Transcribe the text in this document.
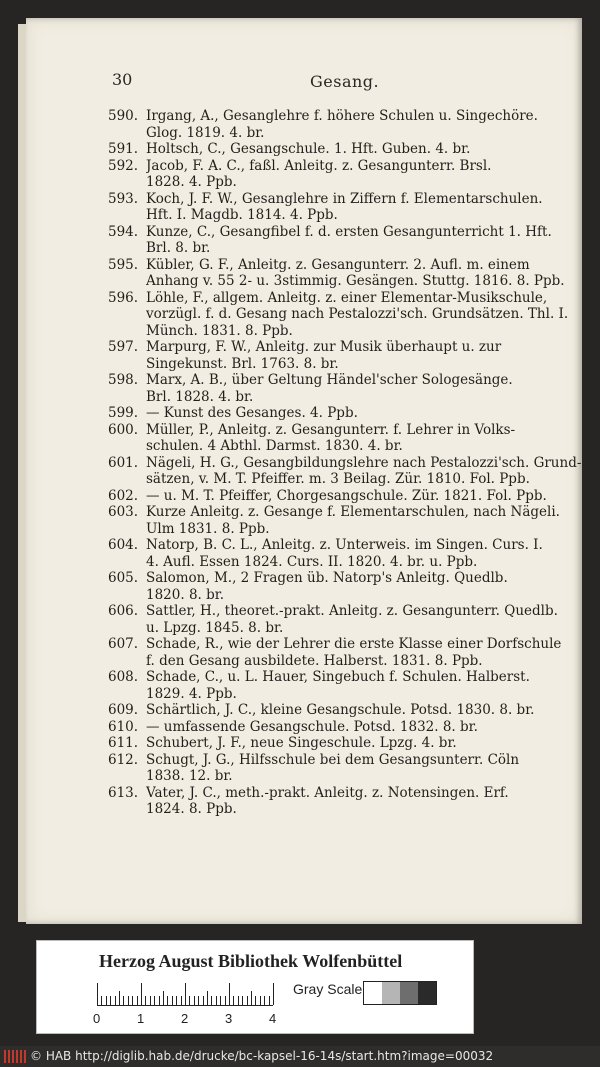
30	Gesang.
590. Irgang, A., Gesanglehre f. höhere Schulen u. Singechöre.
Glog. 1819. 4. br.
591. Holtsch, C., Gesangschule. 1. Hft. Guben. 4. br.
592. Jacob, F. A. C., faßl. Anleitg. z. Gesangunterr. Brsl.
1828. 4. Ppb.
593. Koch, J. F. W., Gesanglehre in Ziffern f. Elementarschulen.
Hft. I. Magdb. 1814. 4. Ppb.
594. Kunze, C., Gesangfibel f. d. ersten Gesangunterricht 1. Hft.
Brl. 8. br.
595. Kübler, G. F., Anleitg. z. Gesangunterr. 2. Aufl. m. einem
Anhang v. 55 2- u. 3stimmig. Gesängen. Stuttg. 1816. 8. Ppb.
596. Löhle, F., allgem. Anleitg. z. einer Elementar-Musikschule,
vorzügl. f. d. Gesang nach Pestalozzi'sch. Grundsätzen. Thl. I.
Münch. 1831. 8. Ppb.
597. Marpurg, F. W., Anleitg. zur Musik überhaupt u. zur
Singekunst. Brl. 1763. 8. br.
598. Marx, A. B., über Geltung Händel'scher Sologesänge.
Brl. 1828. 4. br.
599. — Kunst des Gesanges. 4. Ppb.
600. Müller, P., Anleitg. z. Gesangunterr. f. Lehrer in Volks-
schulen. 4 Abthl. Darmst. 1830. 4. br.
601. Nägeli, H. G., Gesangbildungslehre nach Pestalozzi'sch. Grund-
sätzen, v. M. T. Pfeiffer. m. 3 Beilag. Zür. 1810. Fol. Ppb.
602. — u. M. T. Pfeiffer, Chorgesangschule. Zür. 1821. Fol. Ppb.
603. Kurze Anleitg. z. Gesange f. Elementarschulen, nach Nägeli.
Ulm 1831. 8. Ppb.
604. Natorp, B. C. L., Anleitg. z. Unterweis. im Singen. Curs. I.
4. Aufl. Essen 1824. Curs. II. 1820. 4. br. u. Ppb.
605. Salomon, M., 2 Fragen üb. Natorp's Anleitg. Quedlb.
1820. 8. br.
606. Sattler, H., theoret.-prakt. Anleitg. z. Gesangunterr. Quedlb.
u. Lpzg. 1845. 8. br.
607. Schade, R., wie der Lehrer die erste Klasse einer Dorfschule
f. den Gesang ausbildete. Halberst. 1831. 8. Ppb.
608. Schade, C., u. L. Hauer, Singebuch f. Schulen. Halberst.
1829. 4. Ppb.
609. Schärtlich, J. C., kleine Gesangschule. Potsd. 1830. 8. br.
610. — umfassende Gesangschule. Potsd. 1832. 8. br.
611. Schubert, J. F., neue Singeschule. Lpzg. 4. br.
612. Schugt, J. G., Hilfsschule bei dem Gesangsunterr. Cöln
1838. 12. br.
613. Vater, J. C., meth.-prakt. Anleitg. z. Notensingen. Erf.
1824. 8. Ppb.
Herzog August Bibliothek Wolfenbüttel
Gray Scale
0	1	2	3	4
© HAB http://diglib.hab.de/drucke/bc-kapsel-16-14s/start.htm?image=00032
